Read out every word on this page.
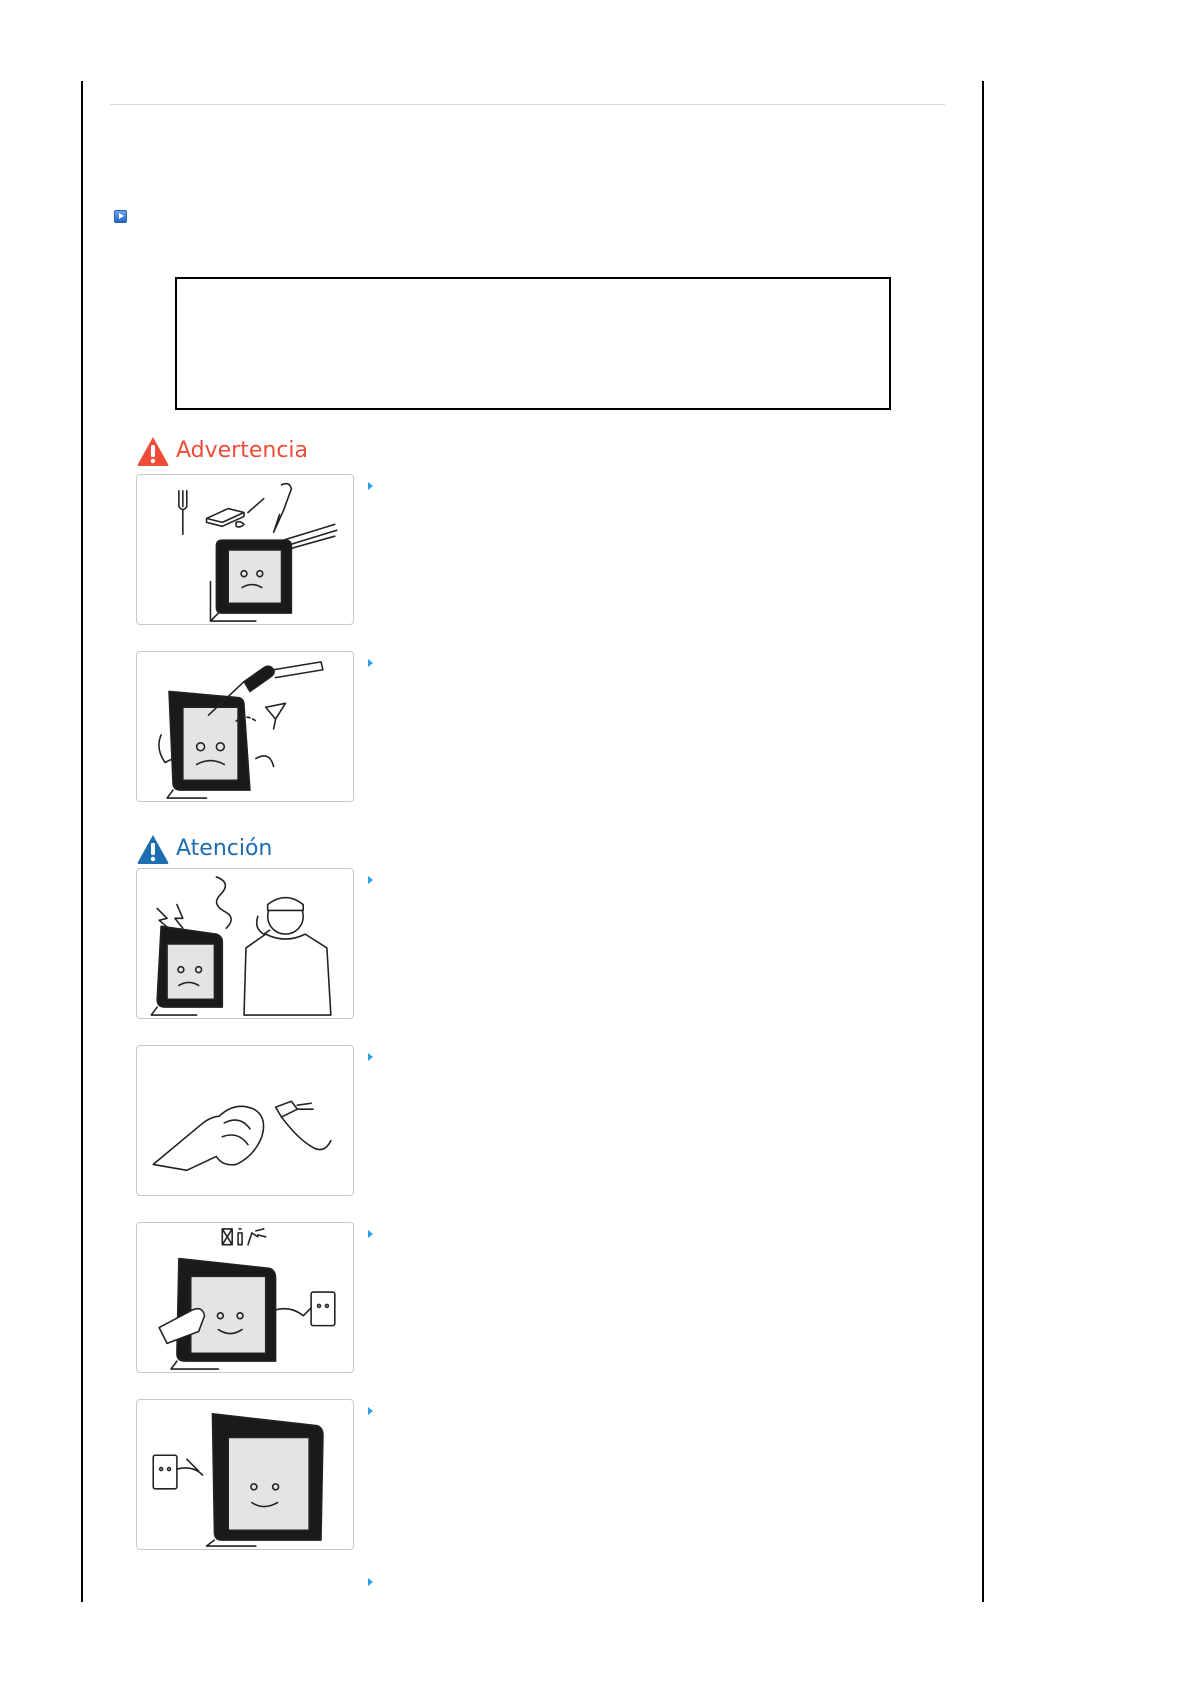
Advertencia
Atención
